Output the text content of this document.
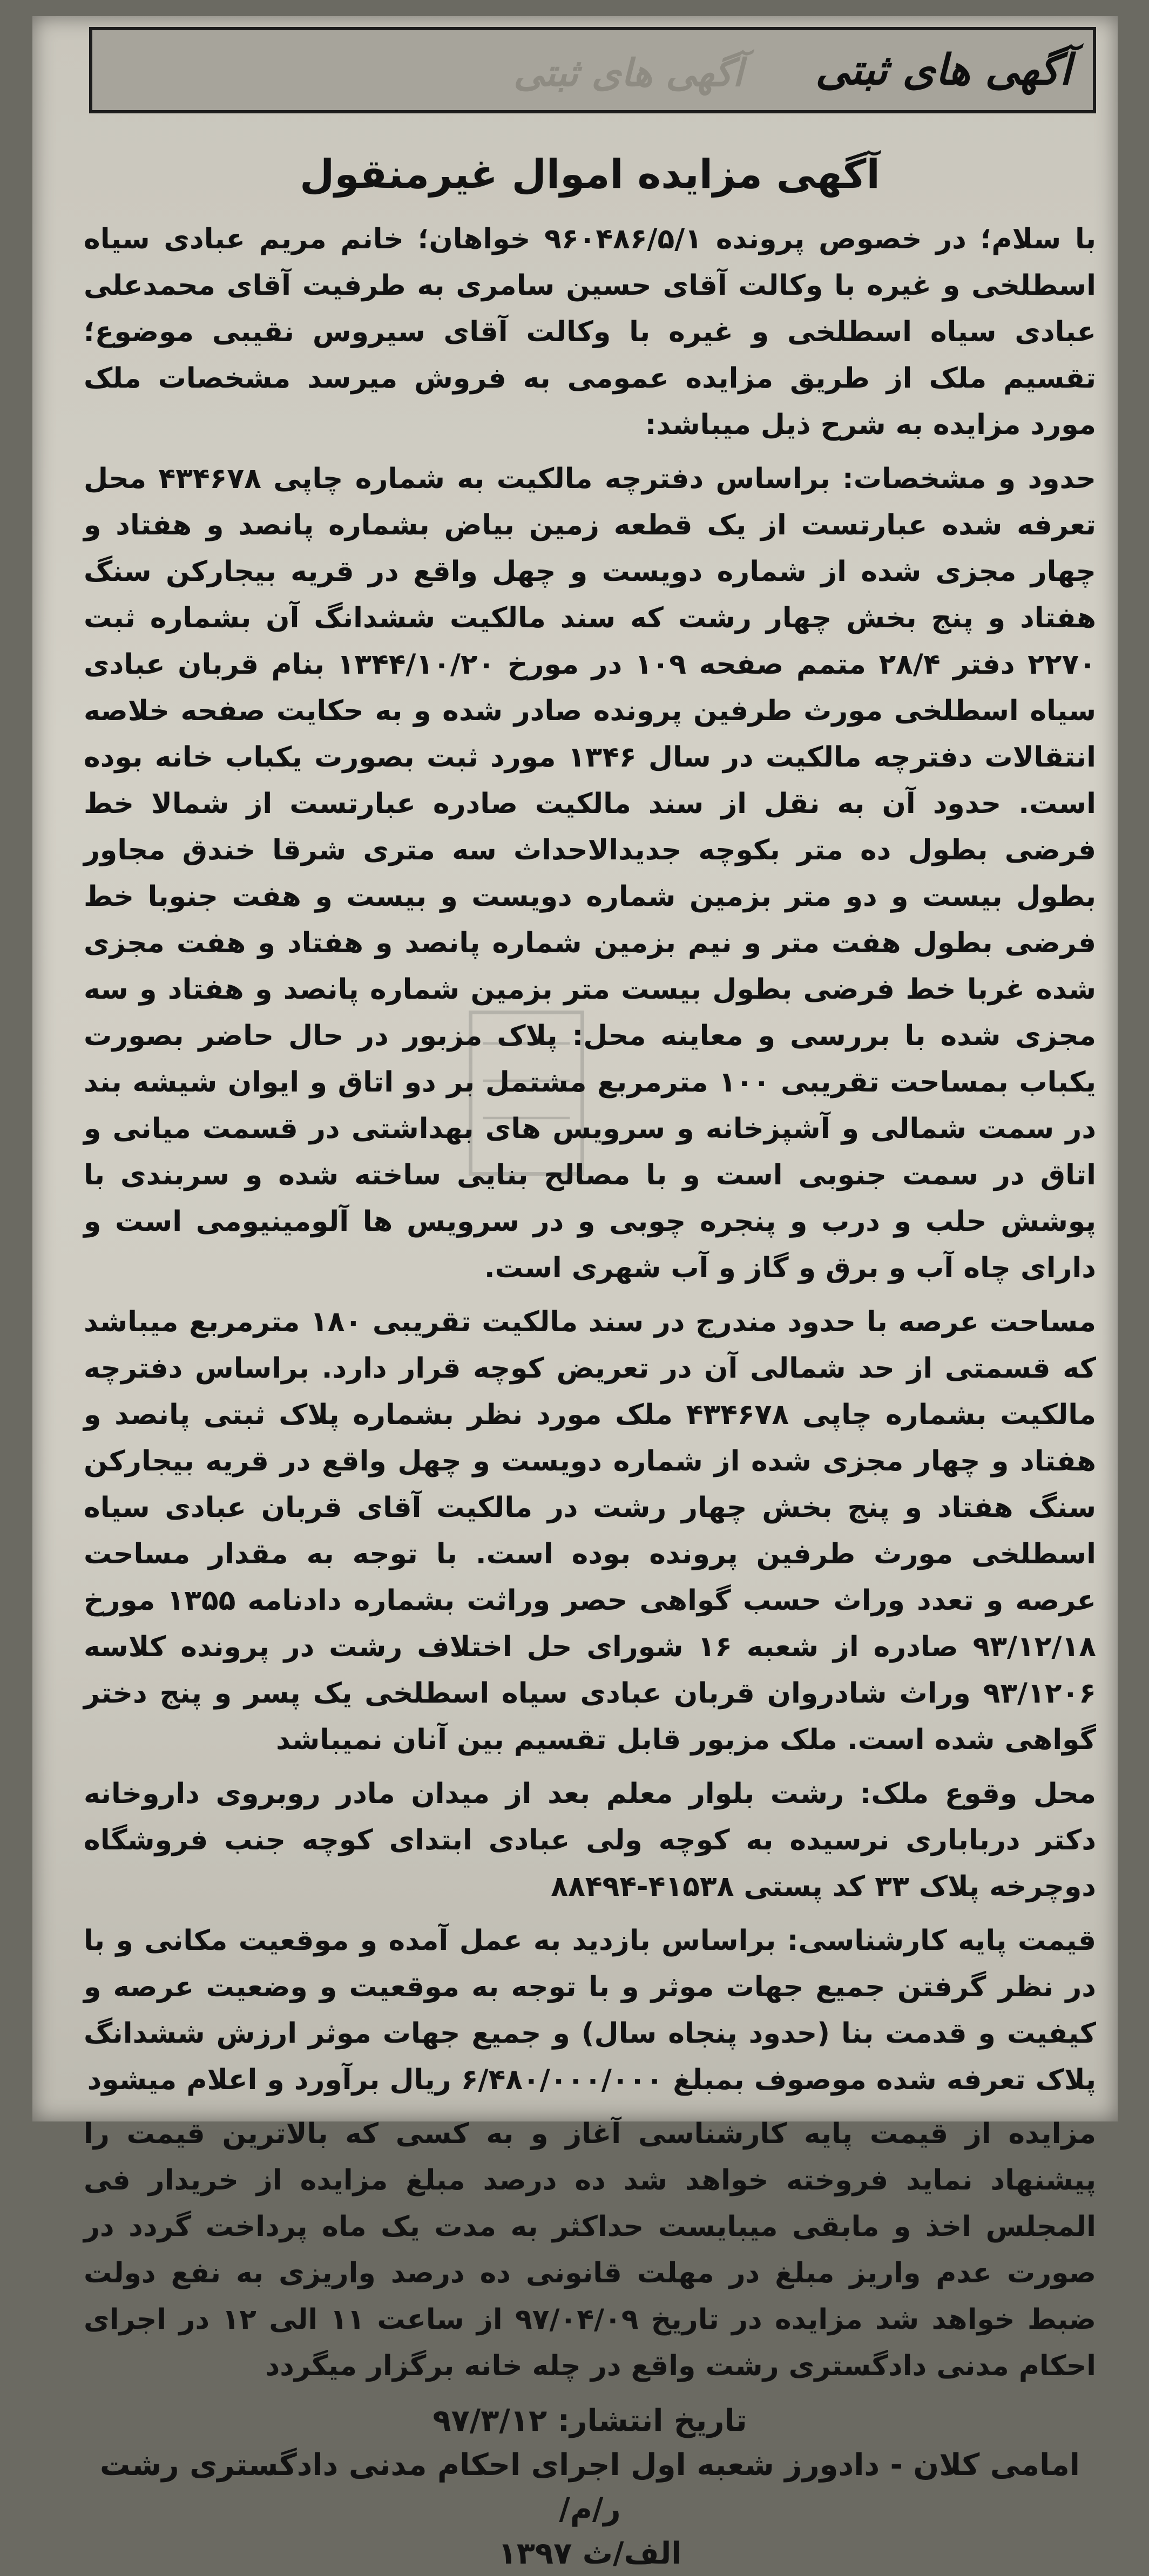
آگهی های ثبتی
آگهی های ثبتی
آگهی مزایده اموال غیرمنقول

با سلام؛ در خصوص پرونده ۹۶۰۴۸۶/۵/۱ خواهان؛ خانم مریم عبادی سیاه اسطلخی و غیره با وکالت آقای حسین سامری به طرفیت آقای محمدعلی عبادی سیاه اسطلخی و غیره با وکالت آقای سیروس نقیبی موضوع؛ تقسیم ملک از طریق مزایده عمومی به فروش میرسد مشخصات ملک مورد مزایده به شرح ذیل میباشد:

حدود و مشخصات: براساس دفترچه مالکیت به شماره چاپی ۴۳۴۶۷۸ محل تعرفه شده عبارتست از یک قطعه زمین بیاض بشماره پانصد و هفتاد و چهار مجزی شده از شماره دویست و چهل واقع در قریه بیجارکن سنگ هفتاد و پنج بخش چهار رشت که سند مالکیت ششدانگ آن بشماره ثبت ۲۲۷۰ دفتر ۲۸/۴ متمم صفحه ۱۰۹ در مورخ ۱۳۴۴/۱۰/۲۰ بنام قربان عبادی سیاه اسطلخی مورث طرفین پرونده صادر شده و به حکایت صفحه خلاصه انتقالات دفترچه مالکیت در سال ۱۳۴۶ مورد ثبت بصورت یکباب خانه بوده است. حدود آن به نقل از سند مالکیت صادره عبارتست از شمالا خط فرضی بطول ده متر بکوچه جدیدالاحداث سه متری شرقا خندق مجاور بطول بیست و دو متر بزمین شماره دویست و بیست و هفت جنوبا خط فرضی بطول هفت متر و نیم بزمین شماره پانصد و هفتاد و هفت مجزی شده غربا خط فرضی بطول بیست متر بزمین شماره پانصد و هفتاد و سه مجزی شده با بررسی و معاینه محل: پلاک مزبور در حال حاضر بصورت یکباب بمساحت تقریبی ۱۰۰ مترمربع مشتمل بر دو اتاق و ایوان شیشه بند در سمت شمالی و آشپزخانه و سرویس های بهداشتی در قسمت میانی و اتاق در سمت جنوبی است و با مصالح بنایی ساخته شده و سربندی با پوشش حلب و درب و پنجره چوبی و در سرویس ها آلومینیومی است و دارای چاه آب و برق و گاز و آب شهری است.

مساحت عرصه با حدود مندرج در سند مالکیت تقریبی ۱۸۰ مترمربع میباشد که قسمتی از حد شمالی آن در تعریض کوچه قرار دارد. براساس دفترچه مالکیت بشماره چاپی ۴۳۴۶۷۸ ملک مورد نظر بشماره پلاک ثبتی پانصد و هفتاد و چهار مجزی شده از شماره دویست و چهل واقع در قریه بیجارکن سنگ هفتاد و پنج بخش چهار رشت در مالکیت آقای قربان عبادی سیاه اسطلخی مورث طرفین پرونده بوده است. با توجه به مقدار مساحت عرصه و تعدد وراث حسب گواهی حصر وراثت بشماره دادنامه ۱۳۵۵ مورخ ۹۳/۱۲/۱۸ صادره از شعبه ۱۶ شورای حل اختلاف رشت در پرونده کلاسه ۹۳/۱۲۰۶ وراث شادروان قربان عبادی سیاه اسطلخی یک پسر و پنج دختر گواهی شده است. ملک مزبور قابل تقسیم بین آنان نمیباشد

محل وقوع ملک: رشت بلوار معلم بعد از میدان مادر روبروی داروخانه دکتر درباباری نرسیده به کوچه ولی عبادی ابتدای کوچه جنب فروشگاه دوچرخه پلاک ۳۳ کد پستی ۴۱۵۳۸-۸۸۴۹۴

قیمت پایه کارشناسی: براساس بازدید به عمل آمده و موقعیت مکانی و با در نظر گرفتن جمیع جهات موثر و با توجه به موقعیت و وضعیت عرصه و کیفیت و قدمت بنا (حدود پنجاه سال) و جمیع جهات موثر ارزش ششدانگ پلاک تعرفه شده موصوف بمبلغ ۶/۴۸۰/۰۰۰/۰۰۰ ریال برآورد و اعلام میشود

مزایده از قیمت پایه کارشناسی آغاز و به کسی که بالاترین قیمت را پیشنهاد نماید فروخته خواهد شد ده درصد مبلغ مزایده از خریدار فی المجلس اخذ و مابقی میبایست حداکثر به مدت یک ماه پرداخت گردد در صورت عدم واریز مبلغ در مهلت قانونی ده درصد واریزی به نفع دولت ضبط خواهد شد مزایده در تاریخ ۹۷/۰۴/۰۹ از ساعت ۱۱ الی ۱۲ در اجرای احکام مدنی دادگستری رشت واقع در چله خانه برگزار میگردد

تاریخ انتشار: ۹۷/۳/۱۲
امامی کلان - دادورز شعبه اول اجرای احکام مدنی دادگستری رشت ر/م/
الف/ث ۱۳۹۷
